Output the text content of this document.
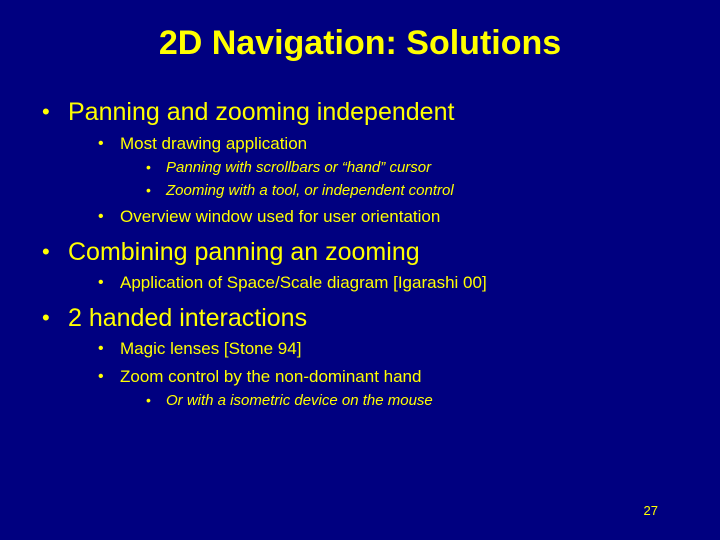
2D Navigation: Solutions
• Panning and zooming independent
• Most drawing application
•	Panning with scrollbars or “hand” cursor
•	Zooming with a tool, or independent control
• Overview window used for user orientation
• Combining panning an zooming
• Application of Space/Scale diagram [Igarashi 00]
• 2 handed interactions
• Magic lenses [Stone 94]
• Zoom control by the non-dominant hand
•	Or with a isometric device on the mouse
27
